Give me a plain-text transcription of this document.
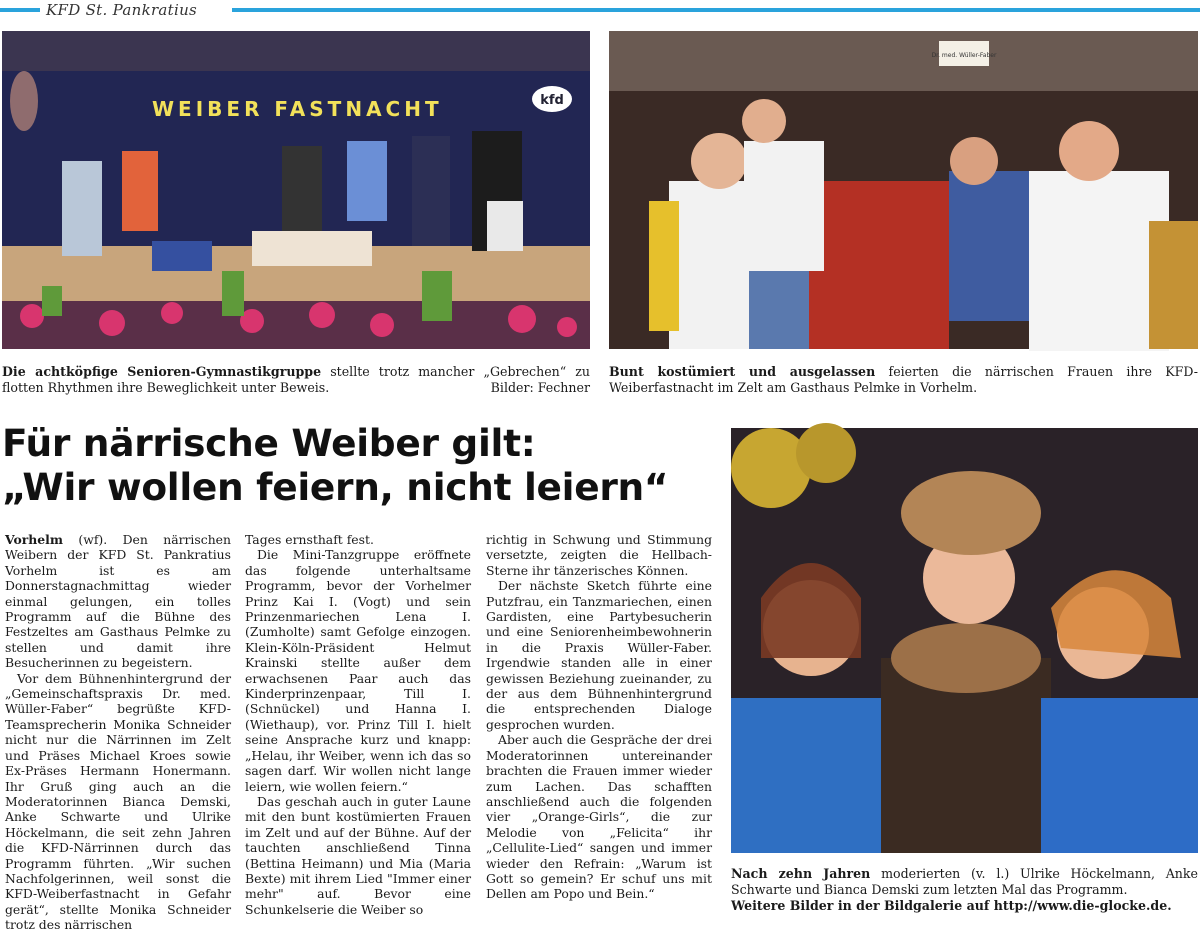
KFD St. Pankratius
WEIBER FASTNACHT	kfd
Dr. med. Wüller-Faber
Die achtköpfige Senioren-Gymnastikgruppe stellte trotz mancher „Gebrechen“ zu flotten Rhythmen ihre Beweglichkeit unter Beweis.	Bilder: Fechner
Bunt kostümiert und ausgelassen feierten die närrischen Frauen ihre KFD-Weiberfastnacht im Zelt am Gasthaus Pelmke in Vorhelm.
Für närrische Weiber gilt:
„Wir wollen feiern, nicht leiern“

Vorhelm (wf). Den närrischen Weibern der KFD St. Pankratius Vorhelm ist es am Donnerstagnachmittag wieder einmal gelungen, ein tolles Programm auf die Bühne des Festzeltes am Gasthaus Pelmke zu stellen und damit ihre Besucherinnen zu begeistern.

Vor dem Bühnenhintergrund der „Gemeinschaftspraxis Dr. med. Wüller-Faber“ begrüßte KFD-Teamsprecherin Monika Schneider nicht nur die Närrinnen im Zelt und Präses Michael Kroes sowie Ex-Präses Hermann Honermann. Ihr Gruß ging auch an die Moderatorinnen Bianca Demski, Anke Schwarte und Ulrike Höckelmann, die seit zehn Jahren die KFD-Närrinnen durch das Programm führten. „Wir suchen Nachfolgerinnen, weil sonst die KFD-Weiberfastnacht in Gefahr gerät“, stellte Monika Schneider trotz des närrischen

Tages ernsthaft fest.

Die Mini-Tanzgruppe eröffnete das folgende unterhaltsame Programm, bevor der Vorhelmer Prinz Kai I. (Vogt) und sein Prinzenmariechen Lena I. (Zumholte) samt Gefolge einzogen. Klein-Köln-Präsident Helmut Krainski stellte außer dem erwachsenen Paar auch das Kinderprinzenpaar, Till I. (Schnückel) und Hanna I. (Wiethaup), vor. Prinz Till I. hielt seine Ansprache kurz und knapp: „Helau, ihr Weiber, wenn ich das so sagen darf. Wir wollen nicht lange leiern, wie wollen feiern.“

Das geschah auch in guter Laune mit den bunt kostümierten Frauen im Zelt und auf der Bühne. Auf der tauchten anschließend Tinna (Bettina Heimann) und Mia (Maria Bexte) mit ihrem Lied "Immer einer mehr" auf. Bevor eine Schunkelserie die Weiber so

richtig in Schwung und Stimmung versetzte, zeigten die Hellbach-Sterne ihr tänzerisches Können.

Der nächste Sketch führte eine Putzfrau, ein Tanzmariechen, einen Gardisten, eine Partybesucherin und eine Seniorenheimbewohnerin in die Praxis Wüller-Faber. Irgendwie standen alle in einer gewissen Beziehung zueinander, zu der aus dem Bühnenhintergrund die entsprechenden Dialoge gesprochen wurden.

Aber auch die Gespräche der drei Moderatorinnen untereinander brachten die Frauen immer wieder zum Lachen. Das schafften anschließend auch die folgenden vier „Orange-Girls“, die zur Melodie von „Felicita“ ihr „Cellulite-Lied“ sangen und immer wieder den Refrain: „Warum ist Gott so gemein? Er schuf uns mit Dellen am Popo und Bein.“

Nach zehn Jahren moderierten (v. l.) Ulrike Höckelmann, Anke Schwarte und Bianca Demski zum letzten Mal das Programm.
Weitere Bilder in der Bildgalerie auf http://www.die-glocke.de.
